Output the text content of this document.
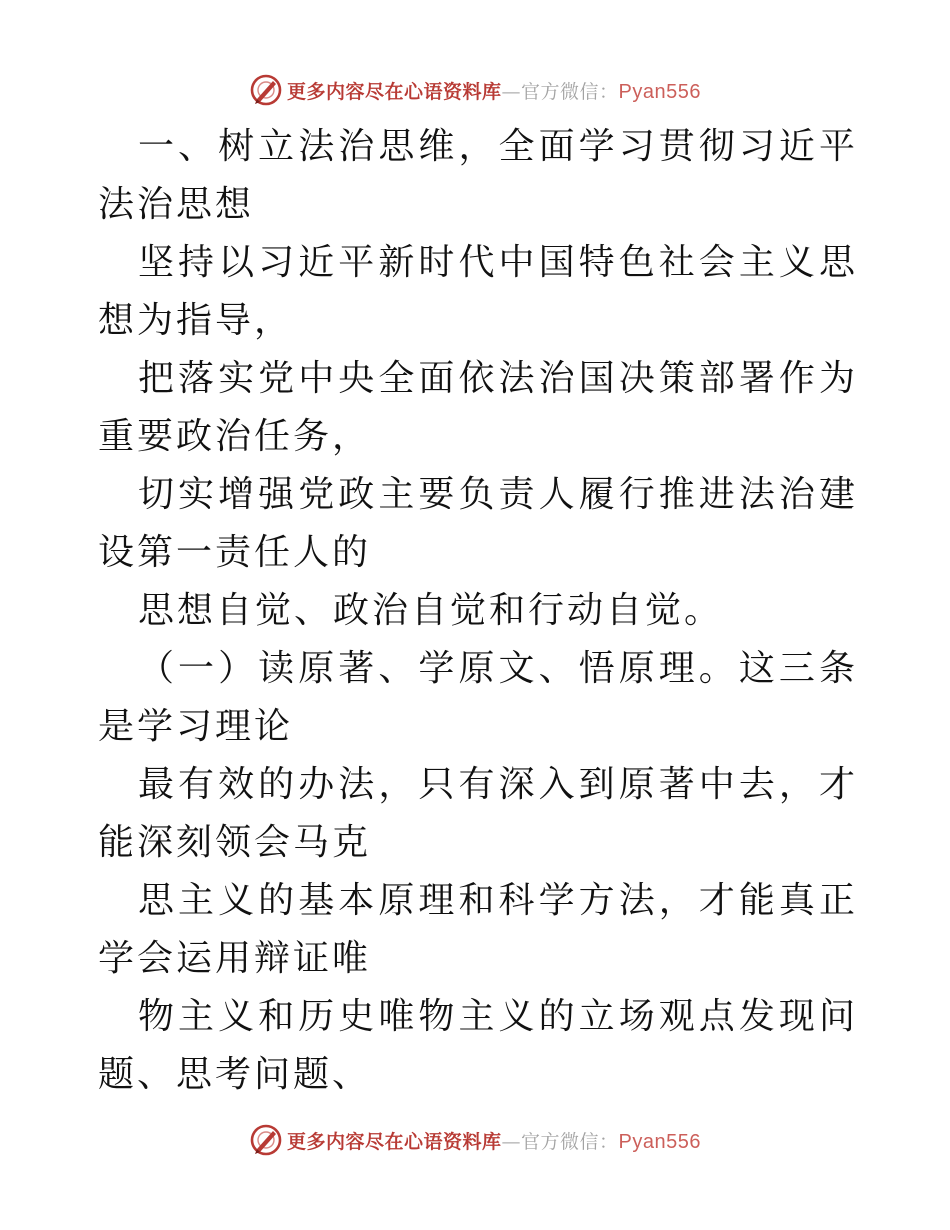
更多内容尽在心语资料库—官方微信：Pyan556

一、树立法治思维，全面学习贯彻习近平法治思想

坚持以习近平新时代中国特色社会主义思想为指导，

把落实党中央全面依法治国决策部署作为重要政治任务，

切实增强党政主要负责人履行推进法治建设第一责任人的

思想自觉、政治自觉和行动自觉。

（一）读原著、学原文、悟原理。这三条是学习理论

最有效的办法，只有深入到原著中去，才能深刻领会马克

思主义的基本原理和科学方法，才能真正学会运用辩证唯

物主义和历史唯物主义的立场观点发现问题、思考问题、

更多内容尽在心语资料库—官方微信：Pyan556
